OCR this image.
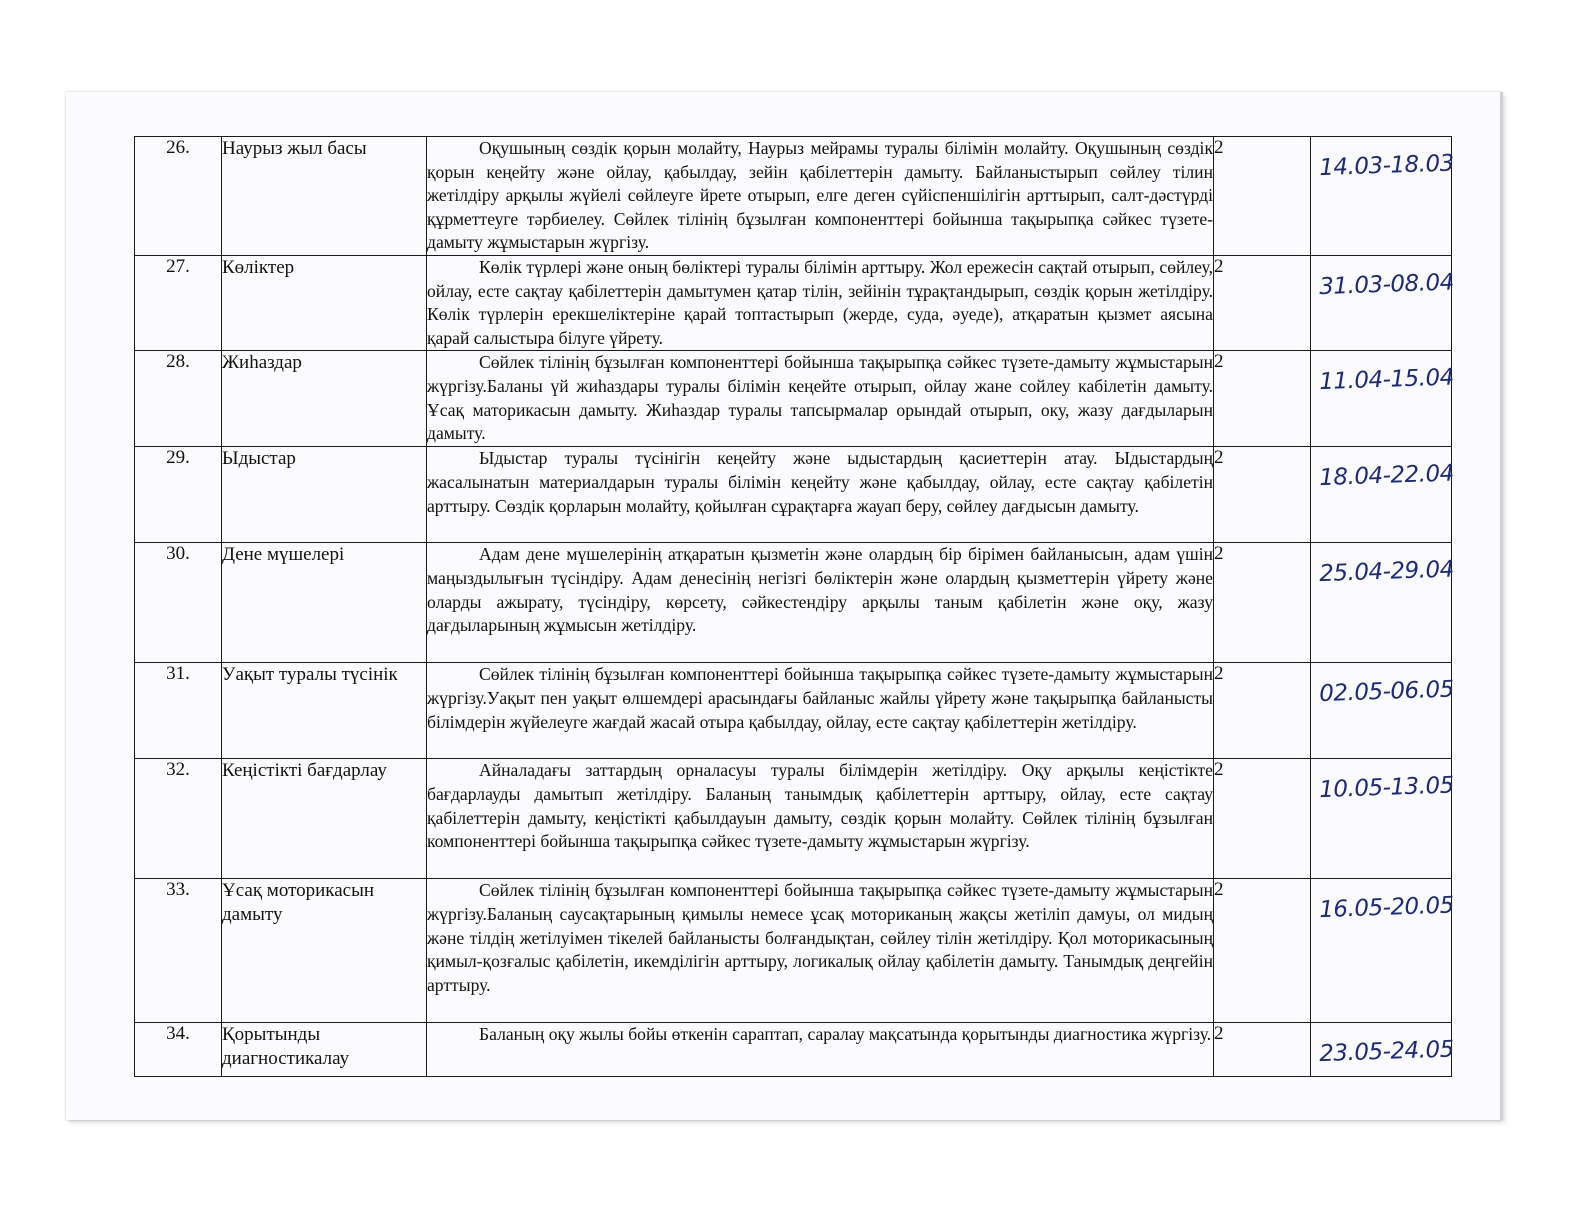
26.	Наурыз жыл басы	Оқушының сөздік қорын молайту, Наурыз мейрамы туралы білімін молайту. Оқушының сөздік қорын кеңейту және ойлау, қабылдау, зейін қабілеттерін дамыту. Байланыстырып сөйлеу тілин жетілдіру арқылы жүйелі сөйлеуге йрете отырып, елге деген сүйіспеншілігін арттырып, салт-дәстүрді құрметтеуге тәрбиелеу. Сөйлек тілінің бұзылған компоненттері бойынша тақырыпқа сәйкес түзете-дамыту жұмыстарын жүргізу.	2	14.03-18.03

27.	Көліктер	Көлік түрлері және оның бөліктері туралы білімін арттыру. Жол ережесін сақтай отырып, сөйлеу, ойлау, есте сақтау қабілеттерін дамытумен қатар тілін, зейінін тұрақтандырып, сөздік қорын жетілдіру. Көлік түрлерін ерекшеліктеріне қарай топтастырып (жерде, суда, әуеде), атқаратын қызмет аясына қарай салыстыра білуге үйрету.	2	31.03-08.04

28.	Жиһаздар	Сөйлек тілінің бұзылған компоненттері бойынша тақырыпқа сәйкес түзете-дамыту жұмыстарын жүргізу.Баланы үй жиһаздары туралы білімін кеңейте отырып, ойлау жане сойлеу кабілетін дамыту. Ұсақ маторикасын дамыту. Жиһаздар туралы тапсырмалар орындай отырып, оку, жазу дағдыларын дамыту.	2	11.04-15.04

29.	Ыдыстар	Ыдыстар туралы түсінігін кеңейту және ыдыстардың қасиеттерін атау. Ыдыстардың жасалынатын материалдарын туралы білімін кеңейту және қабылдау, ойлау, есте сақтау қабілетін арттыру. Сөздік қорларын молайту, қойылған сұрақтарға жауап беру, сөйлеу дағдысын дамыту.	2	18.04-22.04

30.	Дене мүшелері	Адам дене мүшелерінің атқаратын қызметін және олардың бір бірімен байланысын, адам үшін маңыздылығын түсіндіру. Адам денесінің негізгі бөліктерін және олардың қызметтерін үйрету және оларды ажырату, түсіндіру, көрсету, сәйкестендіру арқылы таным қабілетін және оқу, жазу дағдыларының жұмысын жетілдіру.	2	25.04-29.04

31.	Уақыт туралы түсінік	Сөйлек тілінің бұзылған компоненттері бойынша тақырыпқа сәйкес түзете-дамыту жұмыстарын жүргізу.Уақыт пен уақыт өлшемдері арасындағы байланыс жайлы үйрету және тақырыпқа байланысты білімдерін жүйелеуге жағдай жасай отыра қабылдау, ойлау, есте сақтау қабілеттерін жетілдіру.	2	02.05-06.05

32.	Кеңістікті бағдарлау	Айналадағы заттардың орналасуы туралы білімдерін жетілдіру. Оқу арқылы кеңістікте бағдарлауды дамытып жетілдіру. Баланың танымдық қабілеттерін арттыру, ойлау, есте сақтау қабілеттерін дамыту, кеңістікті қабылдауын дамыту, сөздік қорын молайту. Сөйлек тілінің бұзылған компоненттері бойынша тақырыпқа сәйкес түзете-дамыту жұмыстарын жүргізу.	2	10.05-13.05

33.	Ұсақ моторикасын дамыту	Сөйлек тілінің бұзылған компоненттері бойынша тақырыпқа сәйкес түзете-дамыту жұмыстарын жүргізу.Баланың саусақтарының қимылы немесе ұсақ моториканың жақсы жетіліп дамуы, ол мидың және тілдің жетілуімен тікелей байланысты болғандықтан, сөйлеу тілін жетілдіру. Қол моторикасының қимыл-қозғалыс қабілетін, икемділігін арттыру, логикалық ойлау қабілетін дамыту. Танымдық деңгейін арттыру.	2	16.05-20.05

34.	Қорытынды диагностикалау	Баланың оқу жылы бойы өткенін сараптап, саралау мақсатында қорытынды диагностика жүргізу.	2	23.05-24.05
